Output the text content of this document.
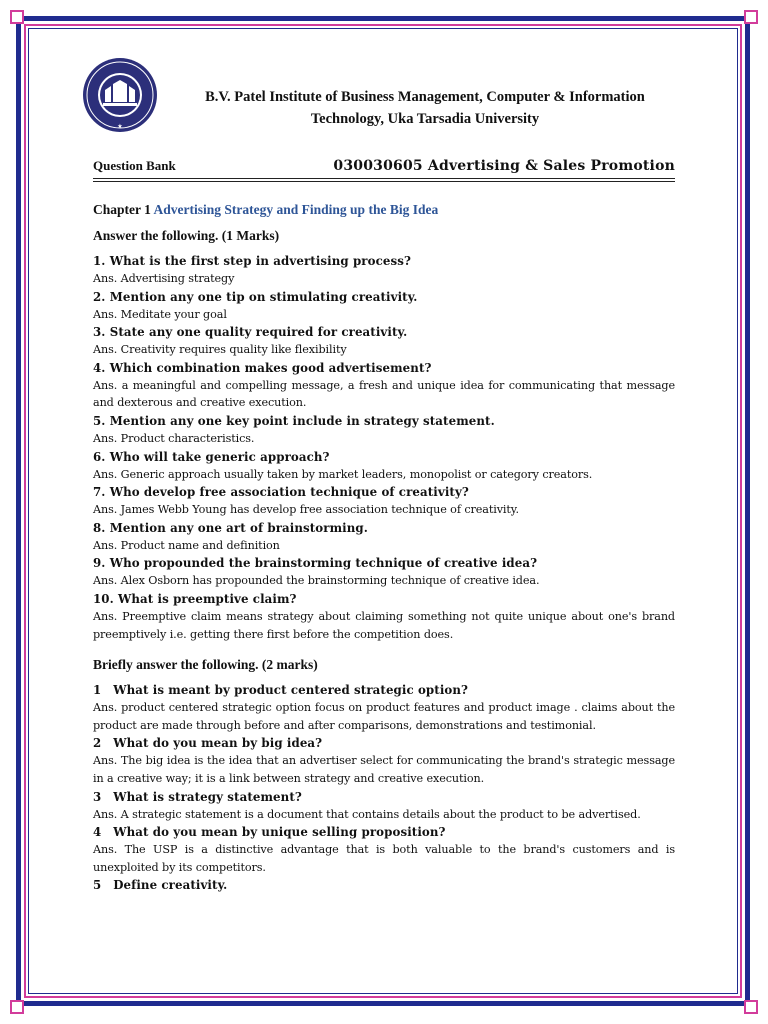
★
B.V. Patel Institute of Business Management, Computer & Information
Technology, Uka Tarsadia University
Question Bank	030030605 Advertising & Sales Promotion
Chapter 1 Advertising Strategy and Finding up the Big Idea
Answer the following. (1 Marks)
1. What is the first step in advertising process?
Ans. Advertising strategy
2. Mention any one tip on stimulating creativity.
Ans. Meditate your goal
3. State any one quality required for creativity.
Ans. Creativity requires quality like flexibility
4. Which combination makes good advertisement?
Ans. a meaningful and compelling message, a fresh and unique idea for communicating that message and dexterous and creative execution.
5. Mention any one key point include in strategy statement.
Ans. Product characteristics.
6. Who will take generic approach?
Ans. Generic approach usually taken by market leaders, monopolist or category creators.
7. Who develop free association technique of creativity?
Ans. James Webb Young has develop free association technique of creativity.
8. Mention any one art of brainstorming.
Ans. Product name and definition
9. Who propounded the brainstorming technique of creative idea?
Ans. Alex Osborn has propounded the brainstorming technique of creative idea.
10. What is preemptive claim?
Ans. Preemptive claim means strategy about claiming something not quite unique about one's brand preemptively i.e. getting there first before the competition does.
Briefly answer the following. (2 marks)
1 What is meant by product centered strategic option?
Ans. product centered strategic option focus on product features and product image . claims about the product are made through before and after comparisons, demonstrations and testimonial.
2 What do you mean by big idea?
Ans. The big idea is the idea that an advertiser select for communicating the brand's strategic message in a creative way; it is a link between strategy and creative execution.
3 What is strategy statement?
Ans. A strategic statement is a document that contains details about the product to be advertised.
4 What do you mean by unique selling proposition?
Ans. The USP is a distinctive advantage that is both valuable to the brand's customers and is unexploited by its competitors.
5 Define creativity.
